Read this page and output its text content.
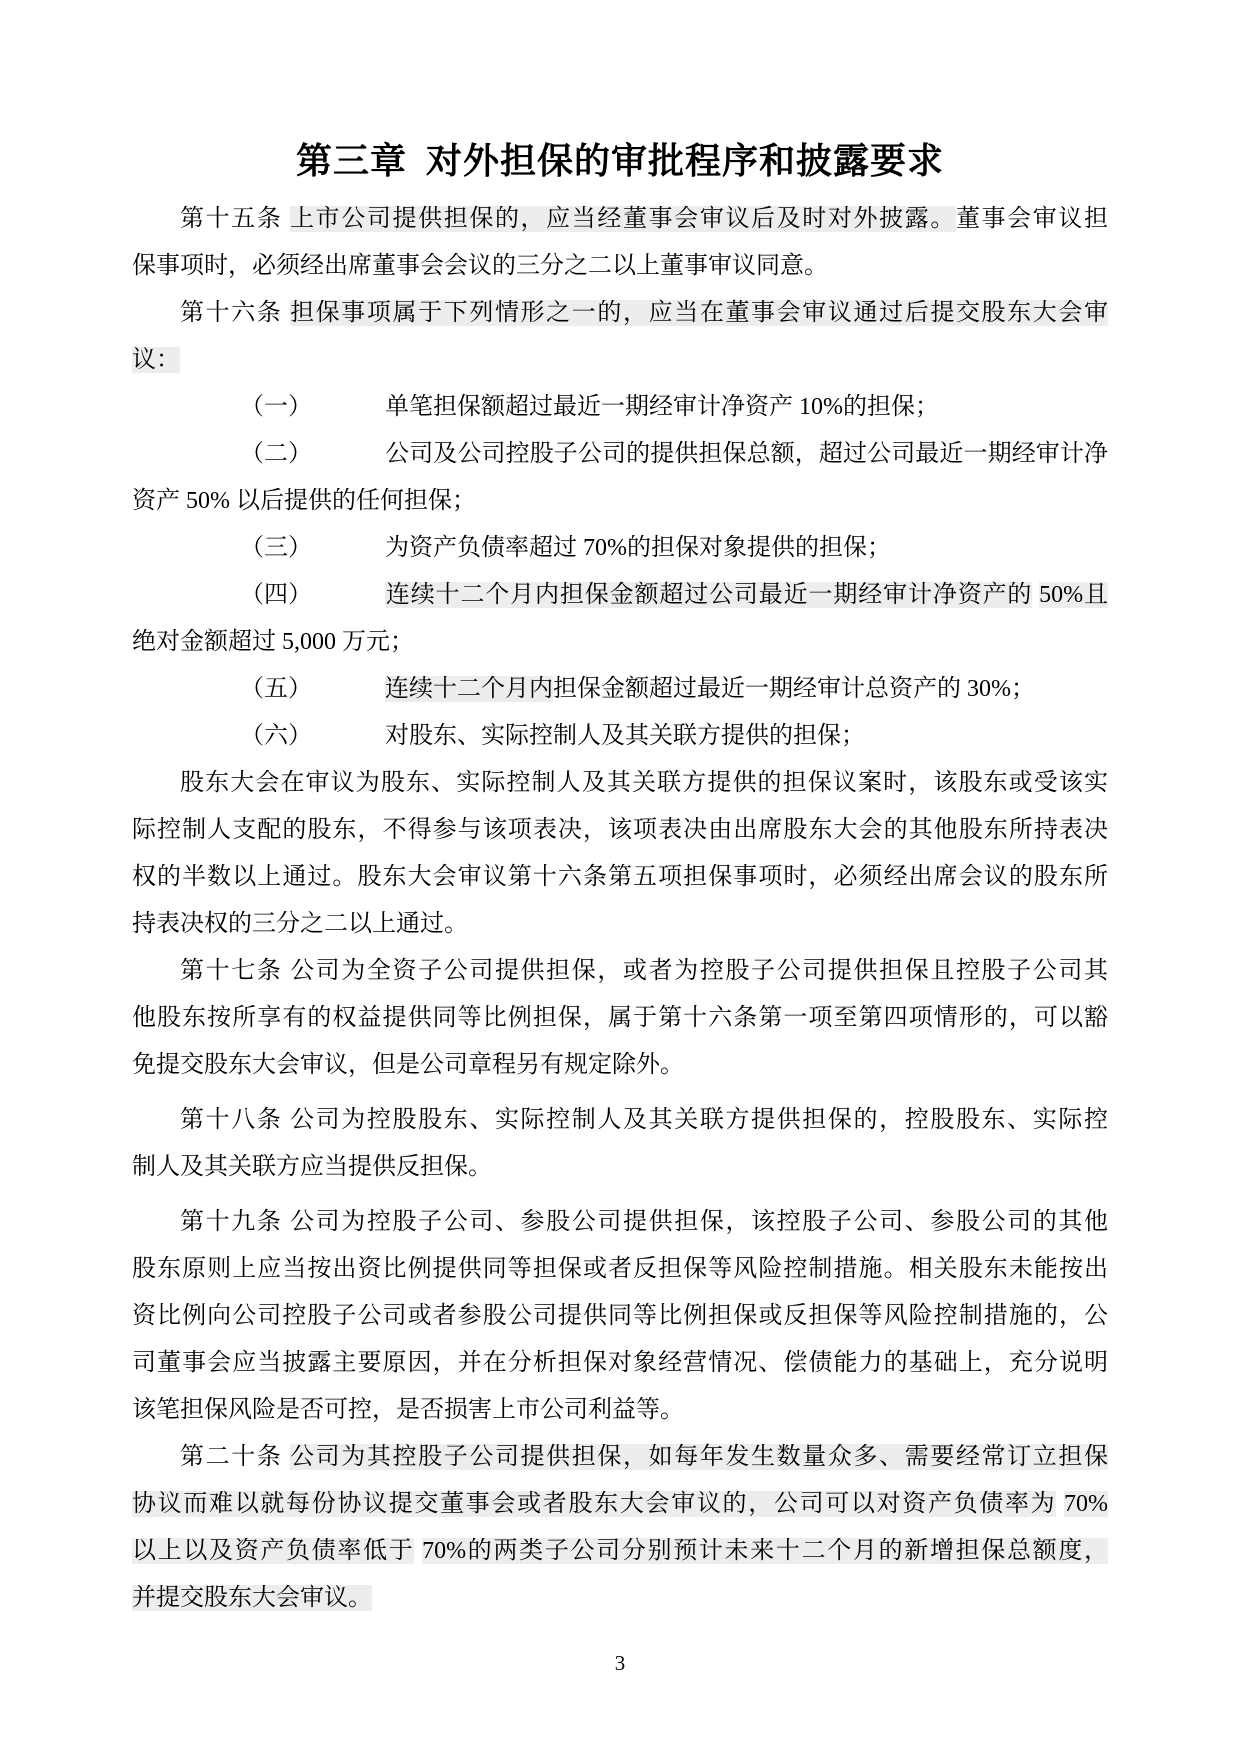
第三章 对外担保的审批程序和披露要求
第十五条 上市公司提供担保的，应当经董事会审议后及时对外披露。董事会审议担
保事项时，必须经出席董事会会议的三分之二以上董事审议同意。
第十六条 担保事项属于下列情形之一的，应当在董事会审议通过后提交股东大会审
议：
（一）	单笔担保额超过最近一期经审计净资产 10%的担保；
（二）	公司及公司控股子公司的提供担保总额，超过公司最近一期经审计净
资产 50% 以后提供的任何担保；
（三）	为资产负债率超过 70%的担保对象提供的担保；
（四）	连续十二个月内担保金额超过公司最近一期经审计净资产的 50%且
绝对金额超过 5,000 万元；
（五）	连续十二个月内担保金额超过最近一期经审计总资产的 30%；
（六）	对股东、实际控制人及其关联方提供的担保；
股东大会在审议为股东、实际控制人及其关联方提供的担保议案时，该股东或受该实
际控制人支配的股东，不得参与该项表决，该项表决由出席股东大会的其他股东所持表决
权的半数以上通过。股东大会审议第十六条第五项担保事项时，必须经出席会议的股东所
持表决权的三分之二以上通过。
第十七条 公司为全资子公司提供担保，或者为控股子公司提供担保且控股子公司其
他股东按所享有的权益提供同等比例担保，属于第十六条第一项至第四项情形的，可以豁
免提交股东大会审议，但是公司章程另有规定除外。
第十八条 公司为控股股东、实际控制人及其关联方提供担保的，控股股东、实际控
制人及其关联方应当提供反担保。
第十九条 公司为控股子公司、参股公司提供担保，该控股子公司、参股公司的其他
股东原则上应当按出资比例提供同等担保或者反担保等风险控制措施。相关股东未能按出
资比例向公司控股子公司或者参股公司提供同等比例担保或反担保等风险控制措施的，公
司董事会应当披露主要原因，并在分析担保对象经营情况、偿债能力的基础上，充分说明
该笔担保风险是否可控，是否损害上市公司利益等。
第二十条 公司为其控股子公司提供担保，如每年发生数量众多、需要经常订立担保
协议而难以就每份协议提交董事会或者股东大会审议的，公司可以对资产负债率为 70%
以上以及资产负债率低于 70%的两类子公司分别预计未来十二个月的新增担保总额度，
并提交股东大会审议。
3
